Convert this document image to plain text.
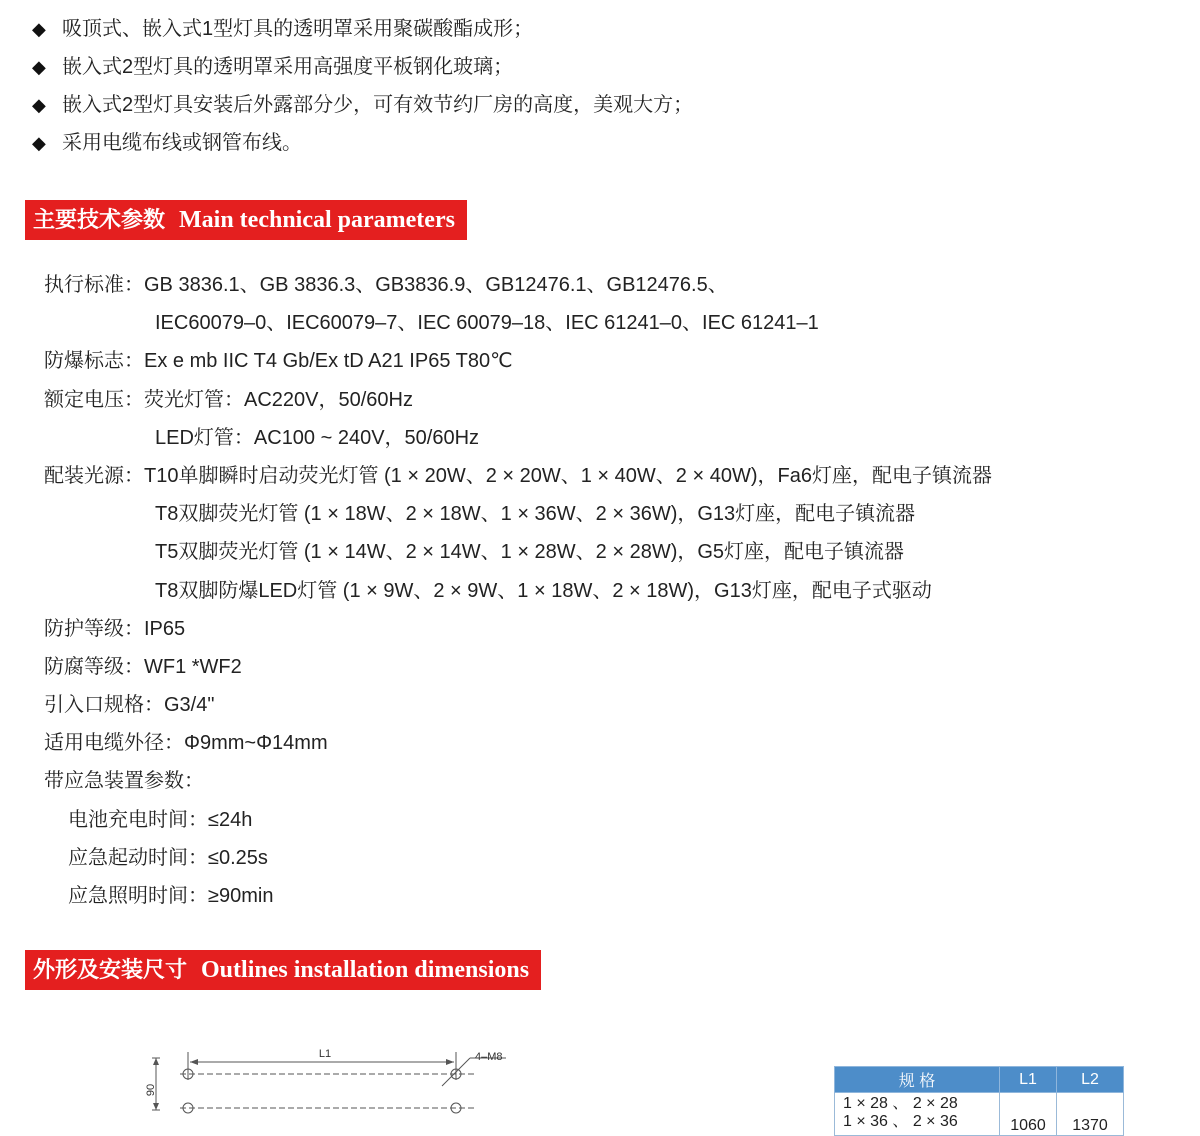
◆ 吸顶式、嵌入式1型灯具的透明罩采用聚碳酸酯成形；
◆ 嵌入式2型灯具的透明罩采用高强度平板钢化玻璃；
◆ 嵌入式2型灯具安装后外露部分少，可有效节约厂房的高度，美观大方；
◆ 采用电缆布线或钢管布线。
主要技术参数 Main technical parameters
执行标准：GB 3836.1、GB 3836.3、GB3836.9、GB12476.1、GB12476.5、
IEC60079–0、IEC60079–7、IEC 60079–18、IEC 61241–0、IEC 61241–1
防爆标志：Ex e mb IIC T4 Gb/Ex tD A21 IP65 T80℃
额定电压：荧光灯管：AC220V，50/60Hz
LED灯管：AC100 ~ 240V，50/60Hz
配装光源：T10单脚瞬时启动荧光灯管 (1 × 20W、2 × 20W、1 × 40W、2 × 40W)，Fa6灯座，配电子镇流器
T8双脚荧光灯管 (1 × 18W、2 × 18W、1 × 36W、2 × 36W)，G13灯座，配电子镇流器
T5双脚荧光灯管 (1 × 14W、2 × 14W、1 × 28W、2 × 28W)，G5灯座，配电子镇流器
T8双脚防爆LED灯管 (1 × 9W、2 × 9W、1 × 18W、2 × 18W)，G13灯座，配电子式驱动
防护等级：IP65
防腐等级：WF1 *WF2
引入口规格：G3/4"
适用电缆外径：Φ9mm~Φ14mm
带应急装置参数：
电池充电时间：≤24h
应急起动时间：≤0.25s
应急照明时间：≥90min
外形及安装尺寸 Outlines installation dimensions
L1	4–M8
90	规 格	L1	L2

1 × 28 、 2 × 28
1 × 36 、 2 × 36	1060	1370
